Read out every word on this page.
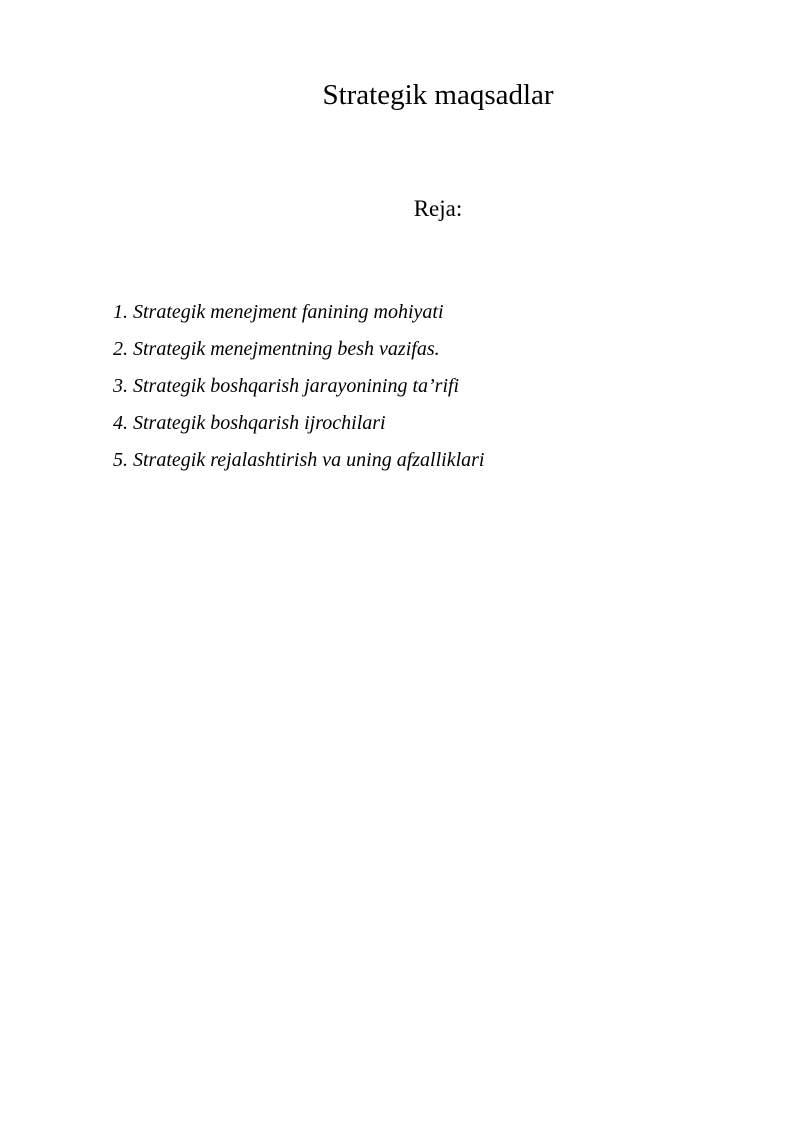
Strategik maqsadlar
Reja:
1. Strategik menejment fanining mohiyati
2. Strategik menejmentning besh vazifas.
3. Strategik boshqarish jarayonining ta’rifi
4. Strategik boshqarish ijrochilari
5. Strategik rejalashtirish va uning afzalliklari
